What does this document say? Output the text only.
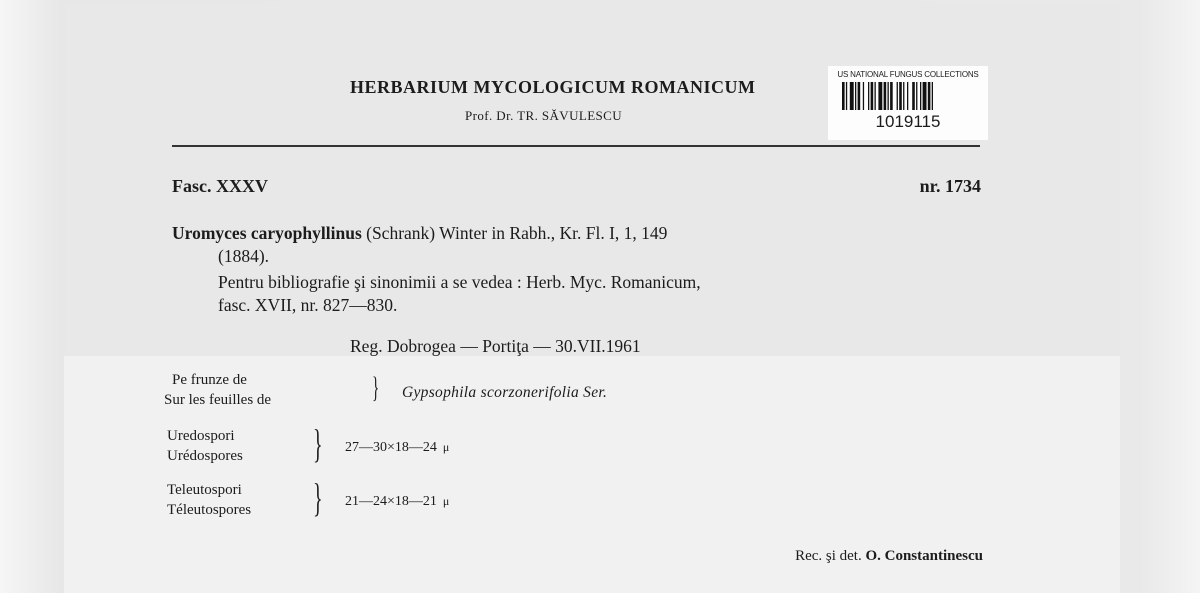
HERBARIUM MYCOLOGICUM ROMANICUM
Prof. Dr. TR. SĂVULESCU
US NATIONAL FUNGUS COLLECTIONS
1019115
Fasc. XXXV	nr. 1734
Uromyces caryophyllinus (Schrank) Winter in Rabh., Kr. Fl. I, 1, 149
(1884).
Pentru bibliografie şi sinonimii a se vedea : Herb. Myc. Romanicum,
fasc. XVII, nr. 827—830.
Reg. Dobrogea — Portiţa — 30.VII.1961
Pe frunze de
Sur les feuilles de	} Gypsophila scorzonerifolia Ser.
Uredospori
Urédospores } 27—30×18—24 μ
Teleutospori
Téleutospores } 21—24×18—21 μ
Rec. şi det. O. Constantinescu
